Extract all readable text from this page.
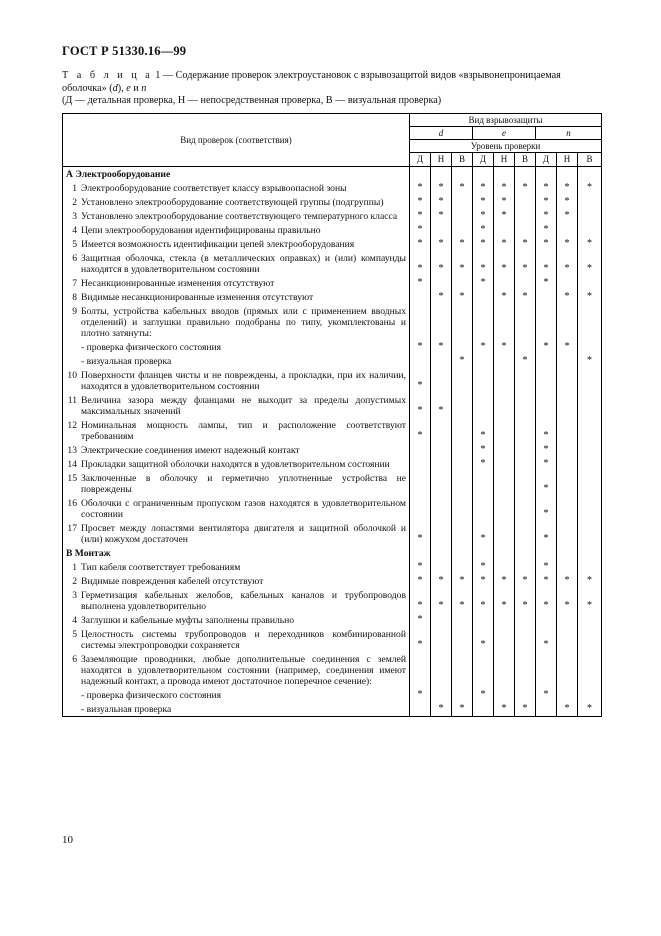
ГОСТ Р 51330.16—99
Т а б л и ц а 1 — Содержание проверок электроустановок с взрывозащитой видов «взрывонепроницаемая
оболочка» (d), e и n
(Д — детальная проверка, Н — непосредственная проверка, В — визуальная проверка)
Вид проверок (соответствия)	Вид взрывозащиты								
	d			e			n		
	Уровень проверки								
	Д	Н	В	Д	Н	В	Д	Н	В
А Электрооборудование									

1 Электрооборудование соответствует классу взрывоопасной зоны	*	*	*	*	*	*	*	*	*

2 Установлено электрооборудование соответствующей группы (подгруппы)	*	*		*	*		*	*	

3 Установлено электрооборудование соответствующего температурного класса	*	*		*	*		*	*	

4 Цепи электрооборудования идентифицированы правильно	*			*			*		

5 Имеется возможность идентификации цепей электрооборудования	*	*	*	*	*	*	*	*	*

6 Защитная оболочка, стекла (в металлических оправках) и (или) компаунды находятся в удовлетворительном состоянии	*	*	*	*	*	*	*	*	*

7 Несанкционированные изменения отсутствуют	*			*			*		

8 Видимые несанкционированные изменения отсутствуют		*	*		*	*		*	*

9 Болты, устройства кабельных вводов (прямых или с применением вводных отделений) и заглушки правильно подобраны по типу, укомплектованы и плотно затянуты:									

- проверка физического состояния	*	*		*	*		*	*	

- визуальная проверка			*			*			*

10 Поверхности фланцев чисты и не повреждены, а прокладки, при их наличии, находятся в удовлетворительном состоянии	*								

11 Величина зазора между фланцами не выходит за пределы допустимых максимальных значений	*	*							

12 Номинальная мощность лампы, тип и расположение соответствуют требованиям	*			*			*		

13 Электрические соединения имеют надежный контакт				*			*		

14 Прокладки защитной оболочки находятся в удовлетворительном состоянии				*			*		

15 Заключенные в оболочку и герметично уплотненные устройства не повреждены							*		

16 Оболочки с ограниченным пропуском газов находятся в удовлетворительном состоянии							*		

17 Просвет между лопастями вентилятора двигателя и защитной оболочкой и (или) кожухом достаточен	*			*			*		
В Монтаж									

1 Тип кабеля соответствует требованиям	*			*			*		

2 Видимые повреждения кабелей отсутствуют	*	*	*	*	*	*	*	*	*

3 Герметизация кабельных желобов, кабельных каналов и трубопроводов выполнена удовлетворительно	*	*	*	*	*	*	*	*	*

4 Заглушки и кабельные муфты заполнены правильно	*								

5 Целостность системы трубопроводов и переходников комбинированной системы электропроводки сохраняется	*			*			*		

6 Заземляющие проводники, любые дополнительные соединения с землей находятся в удовлетворительном состоянии (например, соединения имеют надежный контакт, а провода имеют достаточное поперечное сечение):									

- проверка физического состояния	*			*			*		

- визуальная проверка		*	*		*	*		*	*
10
